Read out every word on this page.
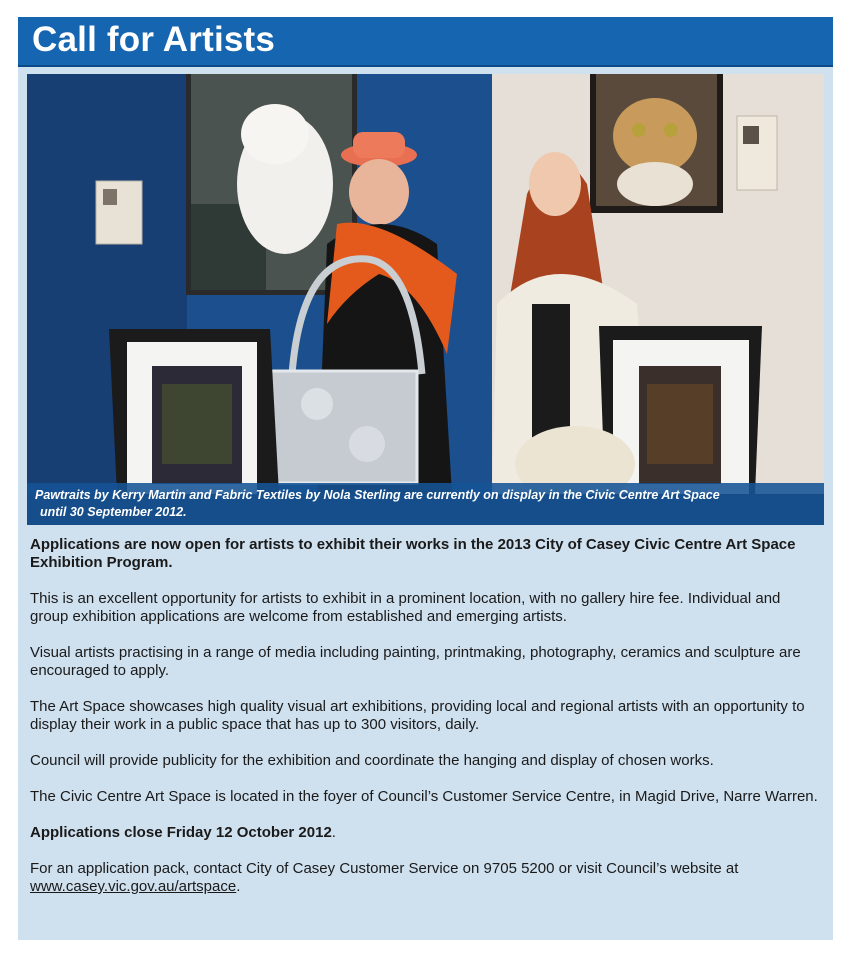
Call for Artists
Pawtraits by Kerry Martin and Fabric Textiles by Nola Sterling are currently on display in the Civic Centre Art Space
until 30 September 2012.

Applications are now open for artists to exhibit their works in the 2013 City of Casey Civic Centre Art Space Exhibition Program.

This is an excellent opportunity for artists to exhibit in a prominent location, with no gallery hire fee. Individual and group exhibition applications are welcome from established and emerging artists.

Visual artists practising in a range of media including painting, printmaking, photography, ceramics and sculpture are encouraged to apply.

The Art Space showcases high quality visual art exhibitions, providing local and regional artists with an opportunity to display their work in a public space that has up to 300 visitors, daily.

Council will provide publicity for the exhibition and coordinate the hanging and display of chosen works.

The Civic Centre Art Space is located in the foyer of Council’s Customer Service Centre, in Magid Drive, Narre Warren.

Applications close Friday 12 October 2012.

For an application pack, contact City of Casey Customer Service on 9705 5200 or visit Council’s website at www.casey.vic.gov.au/artspace.
